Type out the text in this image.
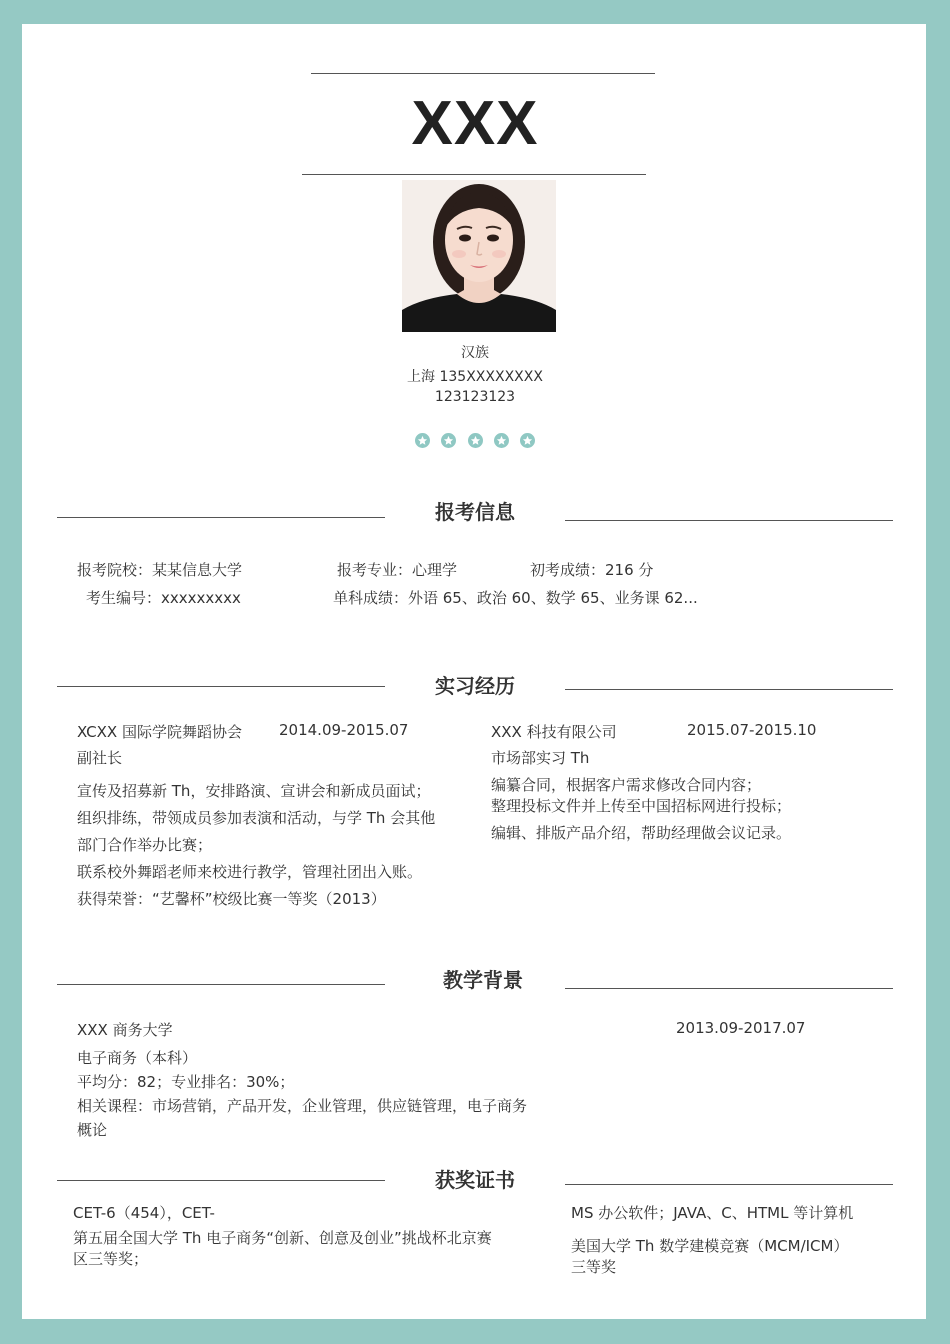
XXX
汉族
上海 135XXXXXXXX
123123123

报考信息
报考院校：某某信息大学	报考专业：心理学	初考成绩：216 分
考生编号：xxxxxxxxx	单科成绩：外语 65、政治 60、数学 65、业务课 62...
实习经历
XCXX 国际学院舞蹈协会 2014.09-2015.07
副社长
宣传及招募新 Th，安排路演、宣讲会和新成员面试；
组织排练，带领成员参加表演和活动，与学 Th 会其他
部门合作举办比赛；
联系校外舞蹈老师来校进行教学，管理社团出入账。
获得荣誉：“艺馨杯”校级比赛一等奖（2013）
XXX 科技有限公司	2015.07-2015.10
市场部实习 Th
编纂合同，根据客户需求修改合同内容；
整理投标文件并上传至中国招标网进行投标；
编辑、排版产品介绍，帮助经理做会议记录。
教学背景
XXX 商务大学	2013.09-2017.07
电子商务（本科）
平均分：82；专业排名：30%；
相关课程：市场营销，产品开发，企业管理，供应链管理，电子商务
概论
获奖证书
CET-6（454），CET-
第五届全国大学 Th 电子商务“创新、创意及创业”挑战杯北京赛
区三等奖；
MS 办公软件；JAVA、C、HTML 等计算机
美国大学 Th 数学建模竞赛（MCM/ICM）
三等奖
